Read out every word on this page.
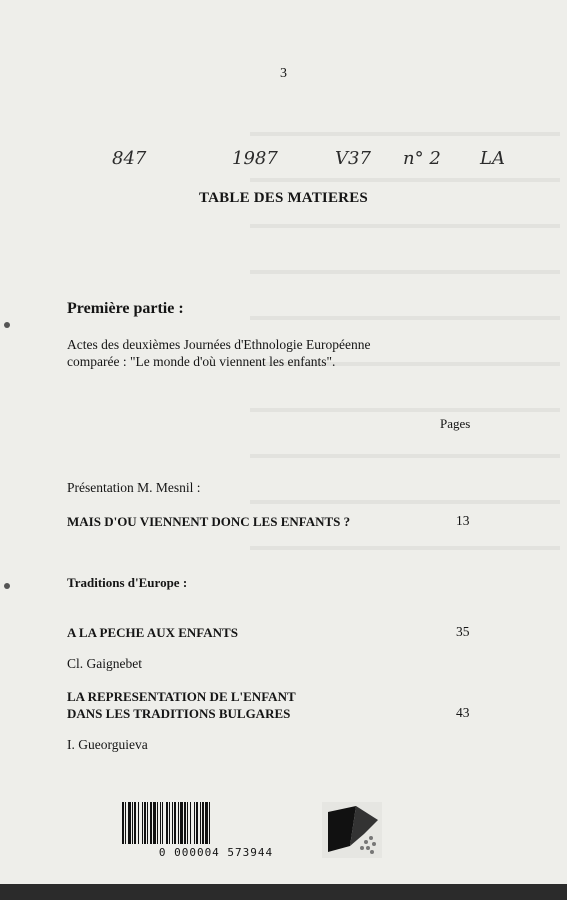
3
847	1987	V37 n° 2 LA
TABLE DES MATIERES
Première partie :
Actes des deuxièmes Journées d'Ethnologie Européenne
comparée : "Le monde d'où viennent les enfants".
Pages
Présentation M. Mesnil :
MAIS D'OU VIENNENT DONC LES ENFANTS ?	13
Traditions d'Europe :
A LA PECHE AUX ENFANTS	35
Cl. Gaignebet
LA REPRESENTATION DE L'ENFANT
DANS LES TRADITIONS BULGARES	43
I. Gueorguieva
0 000004 573944
